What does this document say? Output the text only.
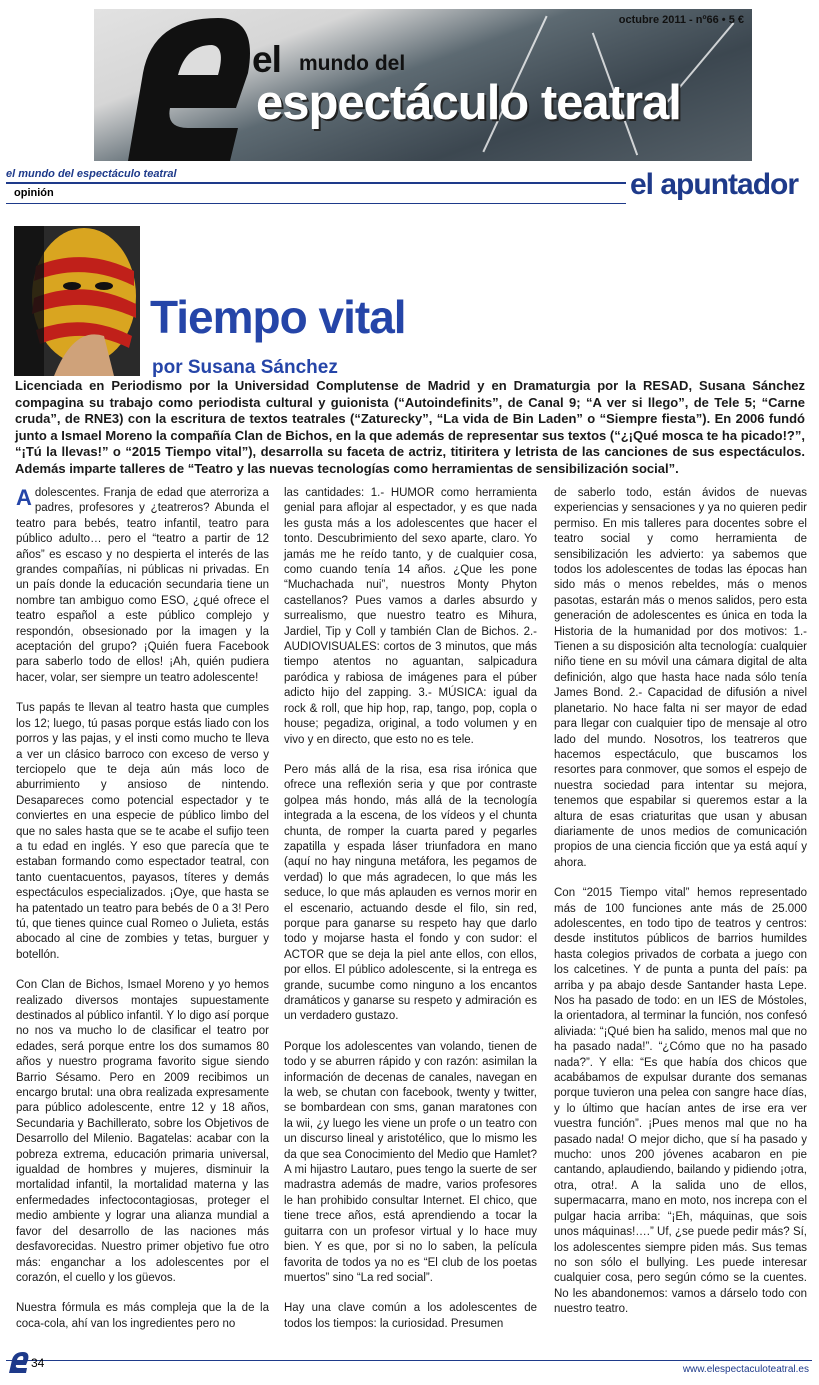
octubre 2011 - nº66 • 5 €
el mundo del
espectáculo teatral
el mundo del espectáculo teatral
opinión	el apuntador
Tiempo vital
por Susana Sánchez

Licenciada en Periodismo por la Universidad Complutense de Madrid y en Dramaturgia por la RESAD, Susana Sánchez compagina su trabajo como periodista cultural y guionista (“Autoindefinits”, de Canal 9; “A ver si llego”, de Tele 5; “Carne cruda”, de RNE3) con la escritura de textos teatrales (“Zaturecky”, “La vida de Bin Laden” o “Siempre fiesta”). En 2006 fundó junto a Ismael Moreno la compañía Clan de Bichos, en la que además de representar sus textos (“¿¡Qué mosca te ha picado!?”, “¡Tú la llevas!” o “2015 Tiempo vital”), desarrolla su faceta de actriz, titiritera y letrista de las canciones de sus espectáculos. Además imparte talleres de “Teatro y las nuevas tecnologías como herramientas de sensibilización social”.

Adolescentes. Franja de edad que aterroriza a padres, profesores y ¿teatreros? Abunda el teatro para bebés, teatro infantil, teatro para público adulto… pero el “teatro a partir de 12 años” es escaso y no despierta el interés de las grandes compañías, ni públicas ni privadas. En un país donde la educación secundaria tiene un nombre tan ambiguo como ESO, ¿qué ofrece el teatro español a este público complejo y respondón, obsesionado por la imagen y la aceptación del grupo? ¡Quién fuera Facebook para saberlo todo de ellos! ¡Ah, quién pudiera hacer, volar, ser siempre un teatro adolescente!

Tus papás te llevan al teatro hasta que cumples los 12; luego, tú pasas porque estás liado con los porros y las pajas, y el insti como mucho te lleva a ver un clásico barroco con exceso de verso y terciopelo que te deja aún más loco de aburrimiento y ansioso de nintendo. Desapareces como potencial espectador y te conviertes en una especie de público limbo del que no sales hasta que se te acabe el sufijo teen a tu edad en inglés. Y eso que parecía que te estaban formando como espectador teatral, con tanto cuentacuentos, payasos, títeres y demás espectáculos especializados. ¡Oye, que hasta se ha patentado un teatro para bebés de 0 a 3! Pero tú, que tienes quince cual Romeo o Julieta, estás abocado al cine de zombies y tetas, burguer y botellón.

Con Clan de Bichos, Ismael Moreno y yo hemos realizado diversos montajes supuestamente destinados al público infantil. Y lo digo así porque no nos va mucho lo de clasificar el teatro por edades, será porque entre los dos sumamos 80 años y nuestro programa favorito sigue siendo Barrio Sésamo. Pero en 2009 recibimos un encargo brutal: una obra realizada expresamente para público adolescente, entre 12 y 18 años, Secundaria y Bachillerato, sobre los Objetivos de Desarrollo del Milenio. Bagatelas: acabar con la pobreza extrema, educación primaria universal, igualdad de hombres y mujeres, disminuir la mortalidad infantil, la mortalidad materna y las enfermedades infectocontagiosas, proteger el medio ambiente y lograr una alianza mundial a favor del desarrollo de las naciones más desfavorecidas. Nuestro primer objetivo fue otro más: enganchar a los adolescentes por el corazón, el cuello y los güevos.

Nuestra fórmula es más compleja que la de la coca-cola, ahí van los ingredientes pero no

las cantidades: 1.- HUMOR como herramienta genial para aflojar al espectador, y es que nada les gusta más a los adolescentes que hacer el tonto. Descubrimiento del sexo aparte, claro. Yo jamás me he reído tanto, y de cualquier cosa, como cuando tenía 14 años. ¿Que les pone “Muchachada nui”, nuestros Monty Phyton castellanos? Pues vamos a darles absurdo y surrealismo, que nuestro teatro es Mihura, Jardiel, Tip y Coll y también Clan de Bichos. 2.- AUDIOVISUALES: cortos de 3 minutos, que más tiempo atentos no aguantan, salpicadura paródica y rabiosa de imágenes para el púber adicto hijo del zapping. 3.- MÚSICA: igual da rock & roll, que hip hop, rap, tango, pop, copla o house; pegadiza, original, a todo volumen y en vivo y en directo, que esto no es tele.

Pero más allá de la risa, esa risa irónica que ofrece una reflexión seria y que por contraste golpea más hondo, más allá de la tecnología integrada a la escena, de los vídeos y el chunta chunta, de romper la cuarta pared y pegarles zapatilla y espada láser triunfadora en mano (aquí no hay ninguna metáfora, les pegamos de verdad) lo que más agradecen, lo que más les seduce, lo que más aplauden es vernos morir en el escenario, actuando desde el filo, sin red, porque para ganarse su respeto hay que darlo todo y mojarse hasta el fondo y con sudor: el ACTOR que se deja la piel ante ellos, con ellos, por ellos. El público adolescente, si la entrega es grande, sucumbe como ninguno a los encantos dramáticos y ganarse su respeto y admiración es un verdadero gustazo.

Porque los adolescentes van volando, tienen de todo y se aburren rápido y con razón: asimilan la información de decenas de canales, navegan en la web, se chutan con facebook, twenty y twitter, se bombardean con sms, ganan maratones con la wii, ¿y luego les viene un profe o un teatro con un discurso lineal y aristotélico, que lo mismo les da que sea Conocimiento del Medio que Hamlet? A mi hijastro Lautaro, pues tengo la suerte de ser madrastra además de madre, varios profesores le han prohibido consultar Internet. El chico, que tiene trece años, está aprendiendo a tocar la guitarra con un profesor virtual y lo hace muy bien. Y es que, por si no lo saben, la película favorita de todos ya no es “El club de los poetas muertos” sino “La red social”.

Hay una clave común a los adolescentes de todos los tiempos: la curiosidad. Presumen

de saberlo todo, están ávidos de nuevas experiencias y sensaciones y ya no quieren pedir permiso. En mis talleres para docentes sobre el teatro social y como herramienta de sensibilización les advierto: ya sabemos que todos los adolescentes de todas las épocas han sido más o menos rebeldes, más o menos pasotas, estarán más o menos salidos, pero esta generación de adolescentes es única en toda la Historia de la humanidad por dos motivos: 1.- Tienen a su disposición alta tecnología: cualquier niño tiene en su móvil una cámara digital de alta definición, algo que hasta hace nada sólo tenía James Bond. 2.- Capacidad de difusión a nivel planetario. No hace falta ni ser mayor de edad para llegar con cualquier tipo de mensaje al otro lado del mundo. Nosotros, los teatreros que hacemos espectáculo, que buscamos los resortes para conmover, que somos el espejo de nuestra sociedad para intentar su mejora, tenemos que espabilar si queremos estar a la altura de esas criaturitas que usan y abusan diariamente de unos medios de comunicación propios de una ciencia ficción que ya está aquí y ahora.

Con “2015 Tiempo vital” hemos representado más de 100 funciones ante más de 25.000 adolescentes, en todo tipo de teatros y centros: desde institutos públicos de barrios humildes hasta colegios privados de corbata a juego con los calcetines. Y de punta a punta del país: pa arriba y pa abajo desde Santander hasta Lepe. Nos ha pasado de todo: en un IES de Móstoles, la orientadora, al terminar la función, nos confesó aliviada: “¡Qué bien ha salido, menos mal que no ha pasado nada!”. “¿Cómo que no ha pasado nada?”. Y ella: “Es que había dos chicos que acabábamos de expulsar durante dos semanas porque tuvieron una pelea con sangre hace días, y lo último que hacían antes de irse era ver vuestra función”. ¡Pues menos mal que no ha pasado nada! O mejor dicho, que sí ha pasado y mucho: unos 200 jóvenes acabaron en pie cantando, aplaudiendo, bailando y pidiendo ¡otra, otra, otra!. A la salida uno de ellos, supermacarra, mano en moto, nos increpa con el pulgar hacia arriba: “¡Eh, máquinas, que sois unos máquinas!….” Uf, ¿se puede pedir más? Sí, los adolescentes siempre piden más. Sus temas no son sólo el bullying. Les puede interesar cualquier cosa, pero según cómo se la cuentes. No les abandonemos: vamos a dárselo todo con nuestro teatro.

34	www.elespectaculoteatral.es
